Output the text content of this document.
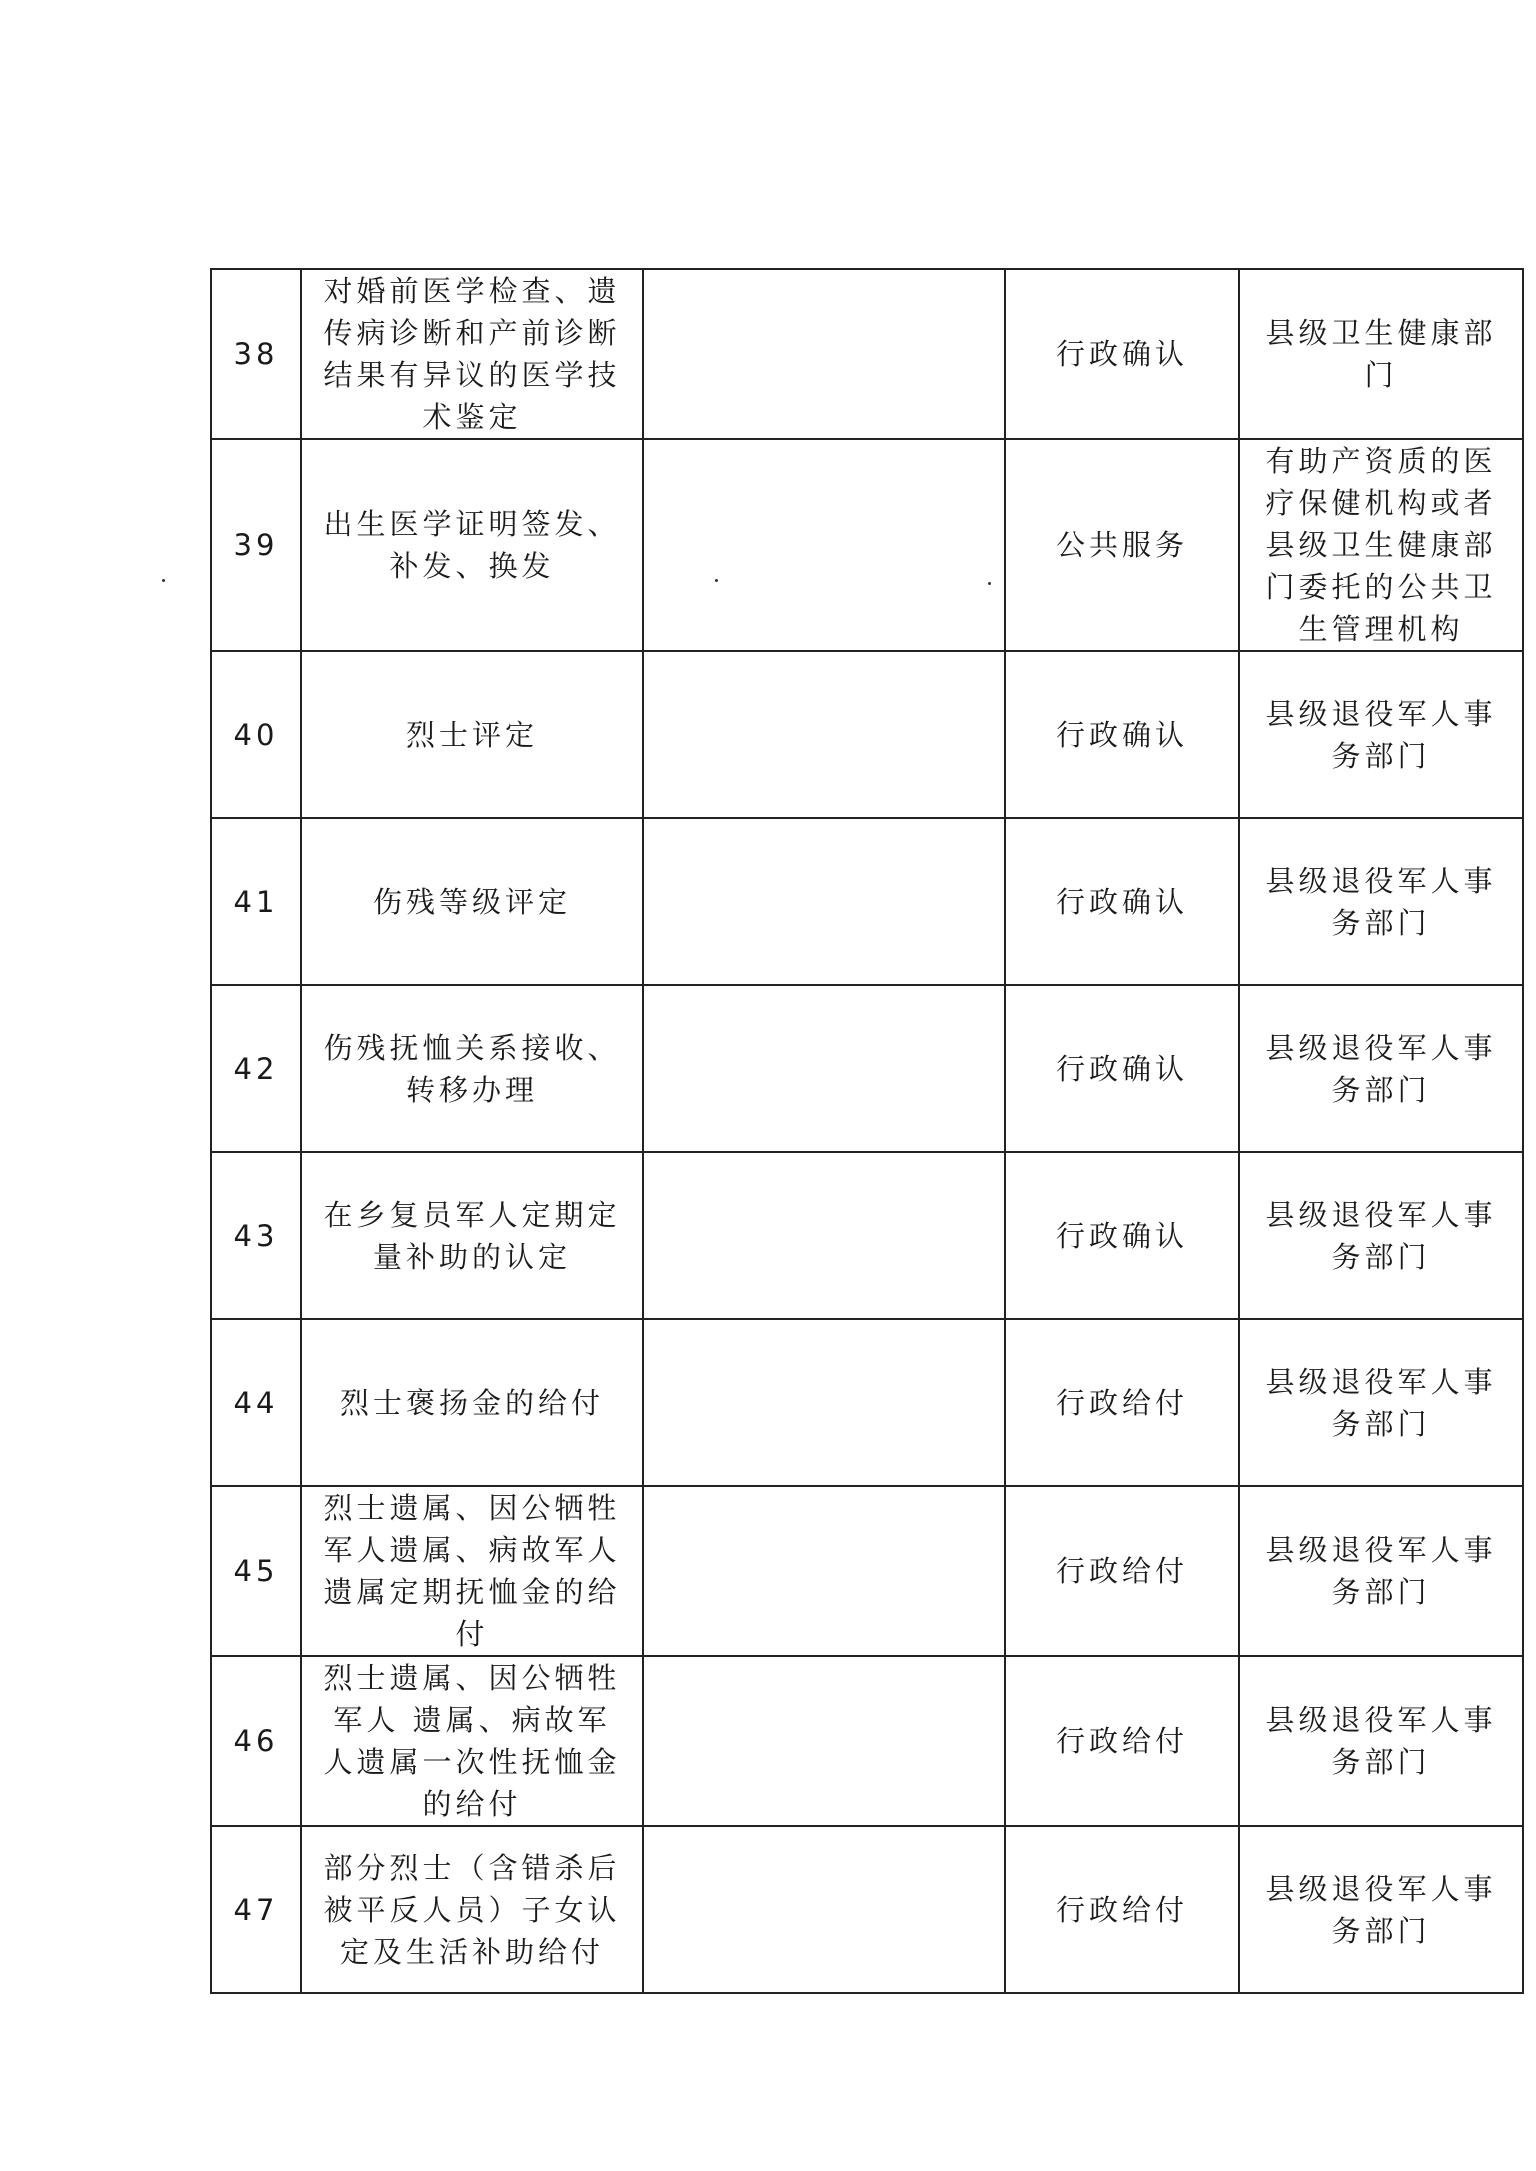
38	对婚前医学检查、遗传病诊断和产前诊断结果有异议的医学技术鉴定		行政确认	县级卫生健康部门
39	出生医学证明签发、补发、换发		公共服务	有助产资质的医疗保健机构或者县级卫生健康部门委托的公共卫生管理机构
40	烈士评定		行政确认	县级退役军人事务部门
41	伤残等级评定		行政确认	县级退役军人事务部门
42	伤残抚恤关系接收、转移办理		行政确认	县级退役军人事务部门
43	在乡复员军人定期定量补助的认定		行政确认	县级退役军人事务部门
44	烈士褒扬金的给付		行政给付	县级退役军人事务部门
45	烈士遗属、因公牺牲军人遗属、病故军人遗属定期抚恤金的给付		行政给付	县级退役军人事务部门
46	烈士遗属、因公牺牲军人 遗属、病故军人遗属一次性抚恤金的给付		行政给付	县级退役军人事务部门
47	部分烈士（含错杀后被平反人员）子女认定及生活补助给付		行政给付	县级退役军人事务部门
